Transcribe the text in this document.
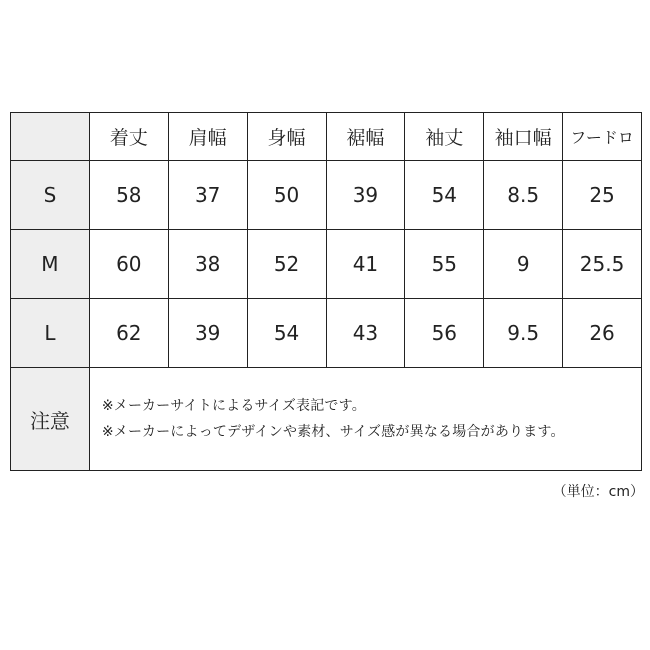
	着丈	肩幅	身幅	裾幅	袖丈	袖口幅	フードロ
S	58	37	50	39	54	8.5	25
M	60	38	52	41	55	9	25.5
L	62	39	54	43	56	9.5	26
注意	※メーカーサイトによるサイズ表記です。
※メーカーによってデザインや素材、サイズ感が異なる場合があります。						
（単位：cm）
